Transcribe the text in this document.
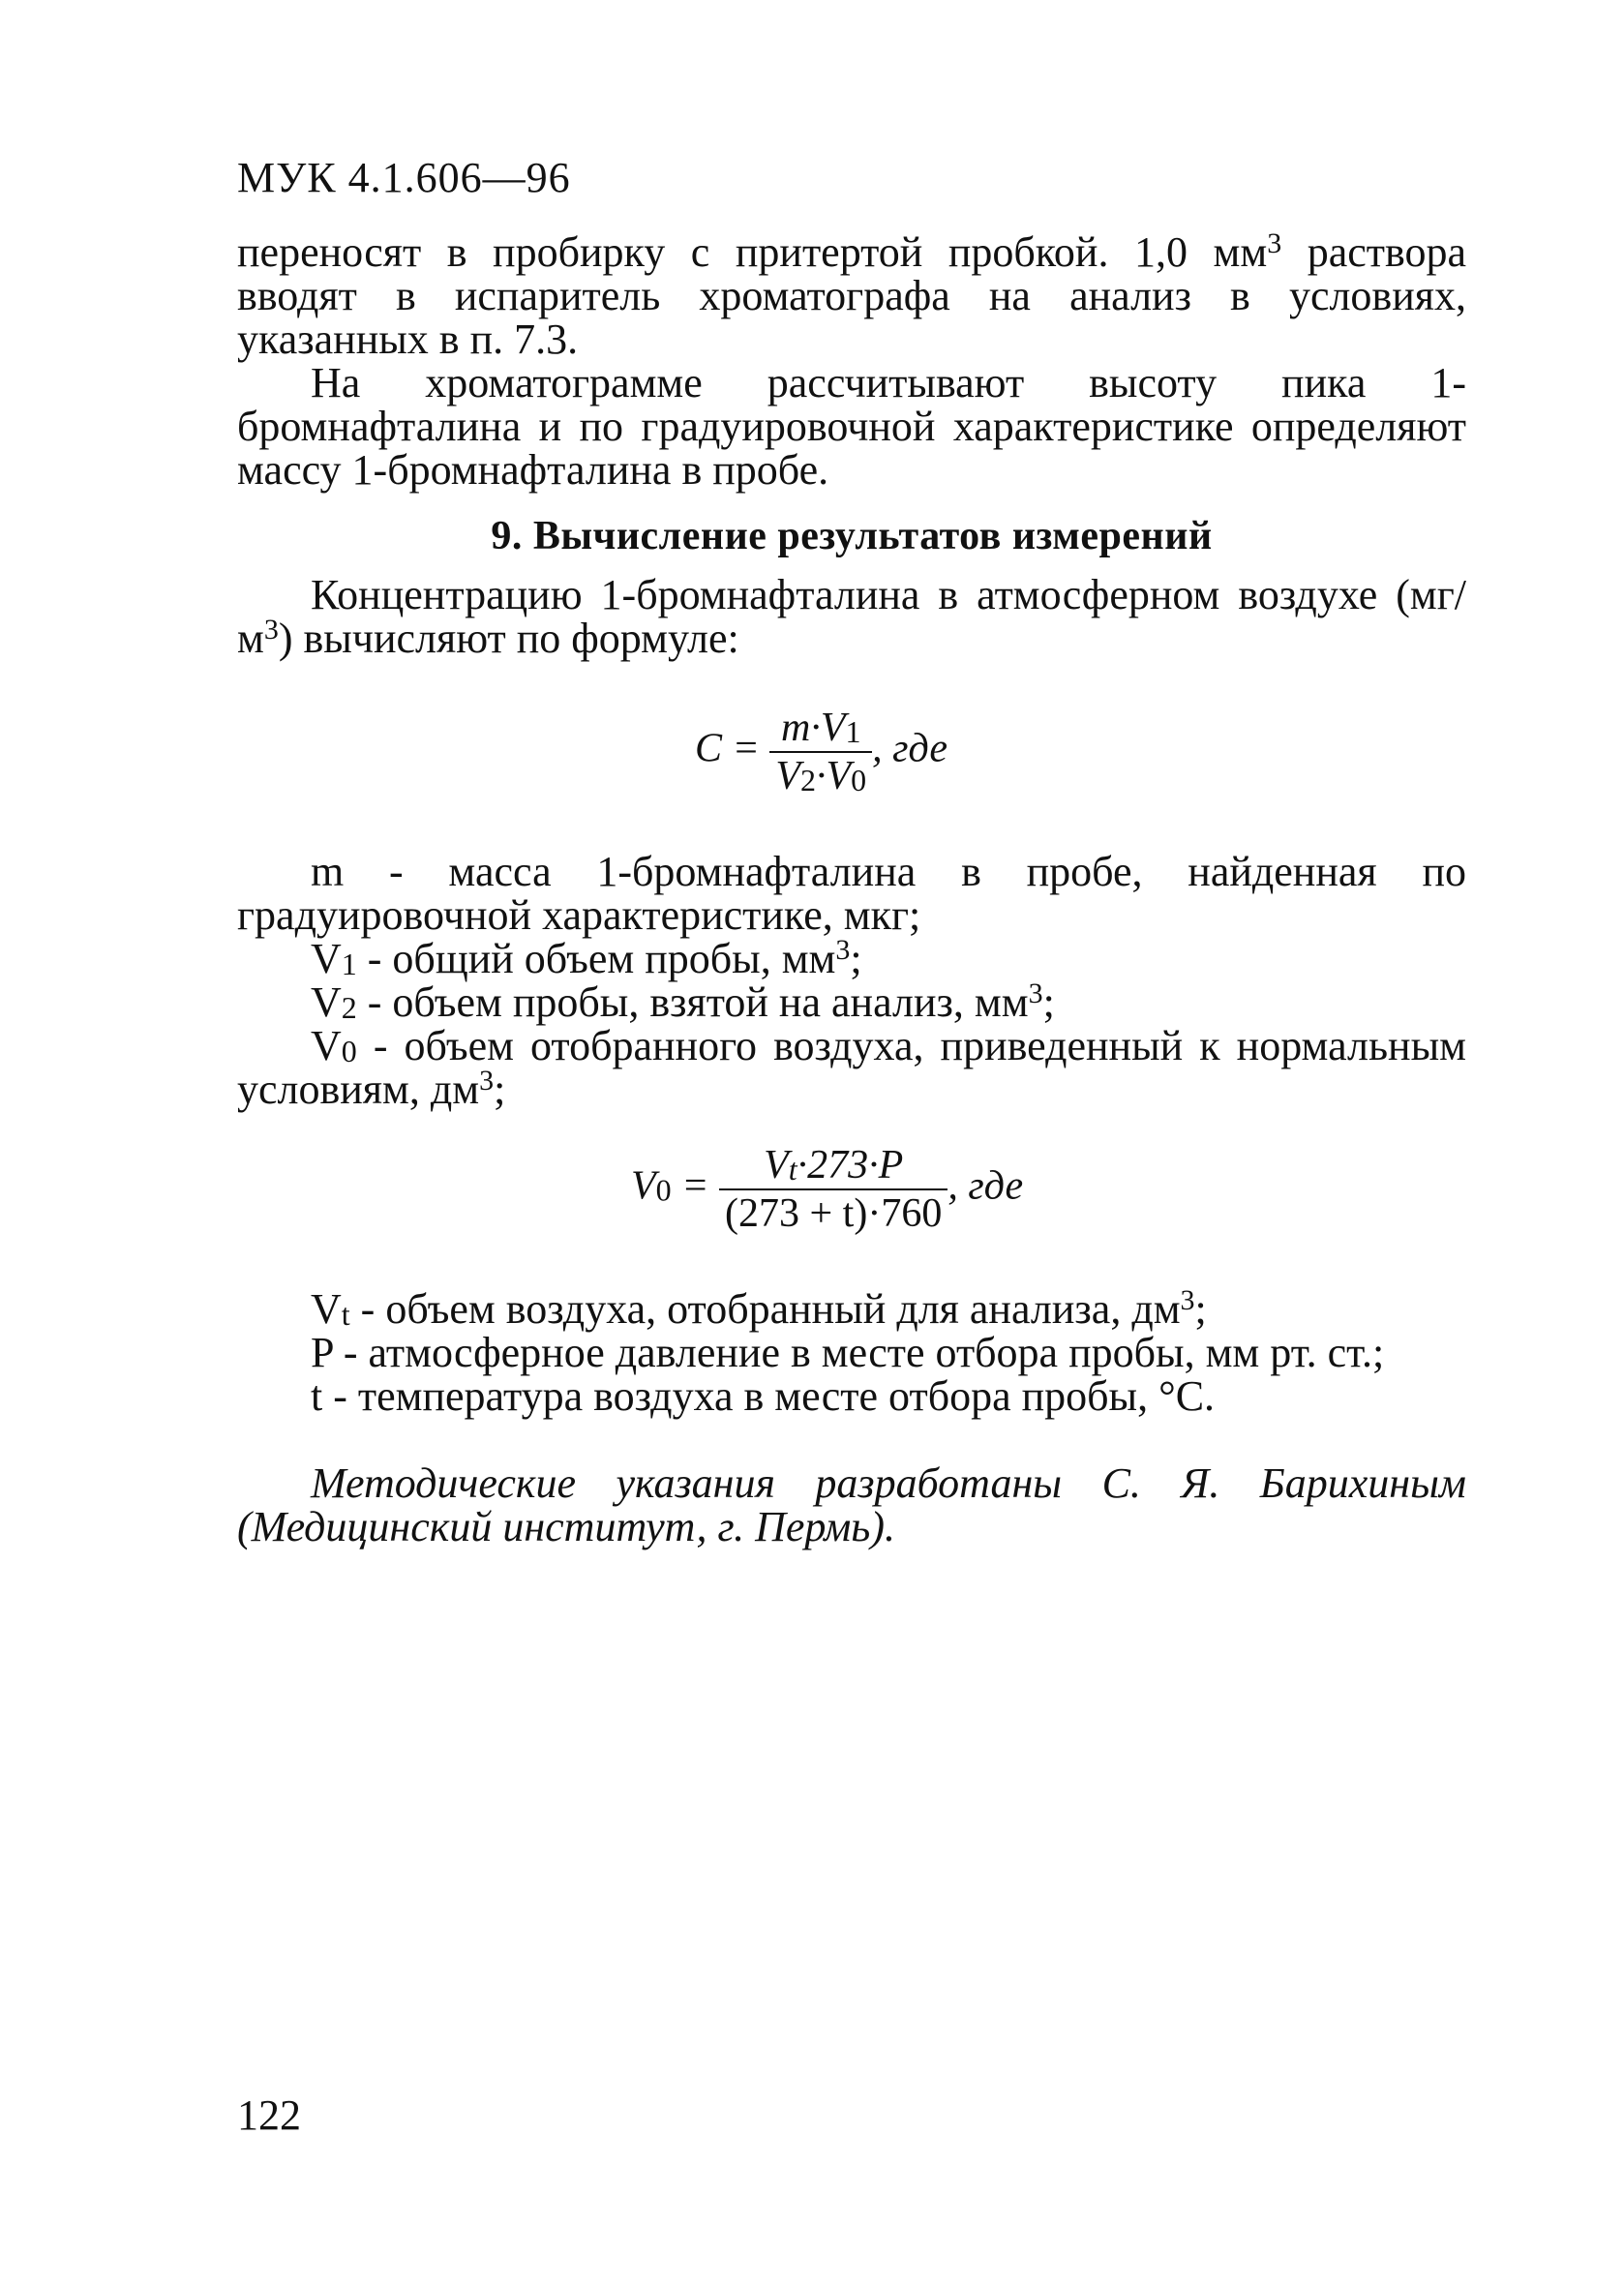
МУК 4.1.606—96

переносят в пробирку с притертой пробкой. 1,0 $мм^3$ раствора вводят в испаритель хроматографа на анализ в условиях, указанных в п. 7.3.

На хроматограмме рассчитывают высоту пика 1-бромнафталина и по градуировочной характеристике определяют массу 1-бромнафталина в пробе.

9. Вычисление результатов измерений

Концентрацию 1-бромнафталина в атмосферном воздухе $(мг/м^3)$ вычисляют по формуле:

$C = \frac{m\cdot V_1}{V_2\cdot V_0}$ , где

m - масса 1-бромнафталина в пробе, найденная по градуировочной характеристике, мкг;

$V_1$ - общий объем пробы, $мм^3$;

$V_2$ - объем пробы, взятой на анализ, $мм^3$;

$V_0$ - объем отобранного воздуха, приведенный к нормальным условиям, $дм^3$;

$V_0 = \frac{V_t\cdot 273\cdot P}{(273 + t)\cdot 760}$ , где

$V_t$ - объем воздуха, отобранный для анализа, $дм^3$;

P - атмосферное давление в месте отбора пробы, мм рт. ст.;

t - температура воздуха в месте отбора пробы, °С.

Методические указания разработаны С. Я. Барихиным (Медицинский институт, г. Пермь).

122
